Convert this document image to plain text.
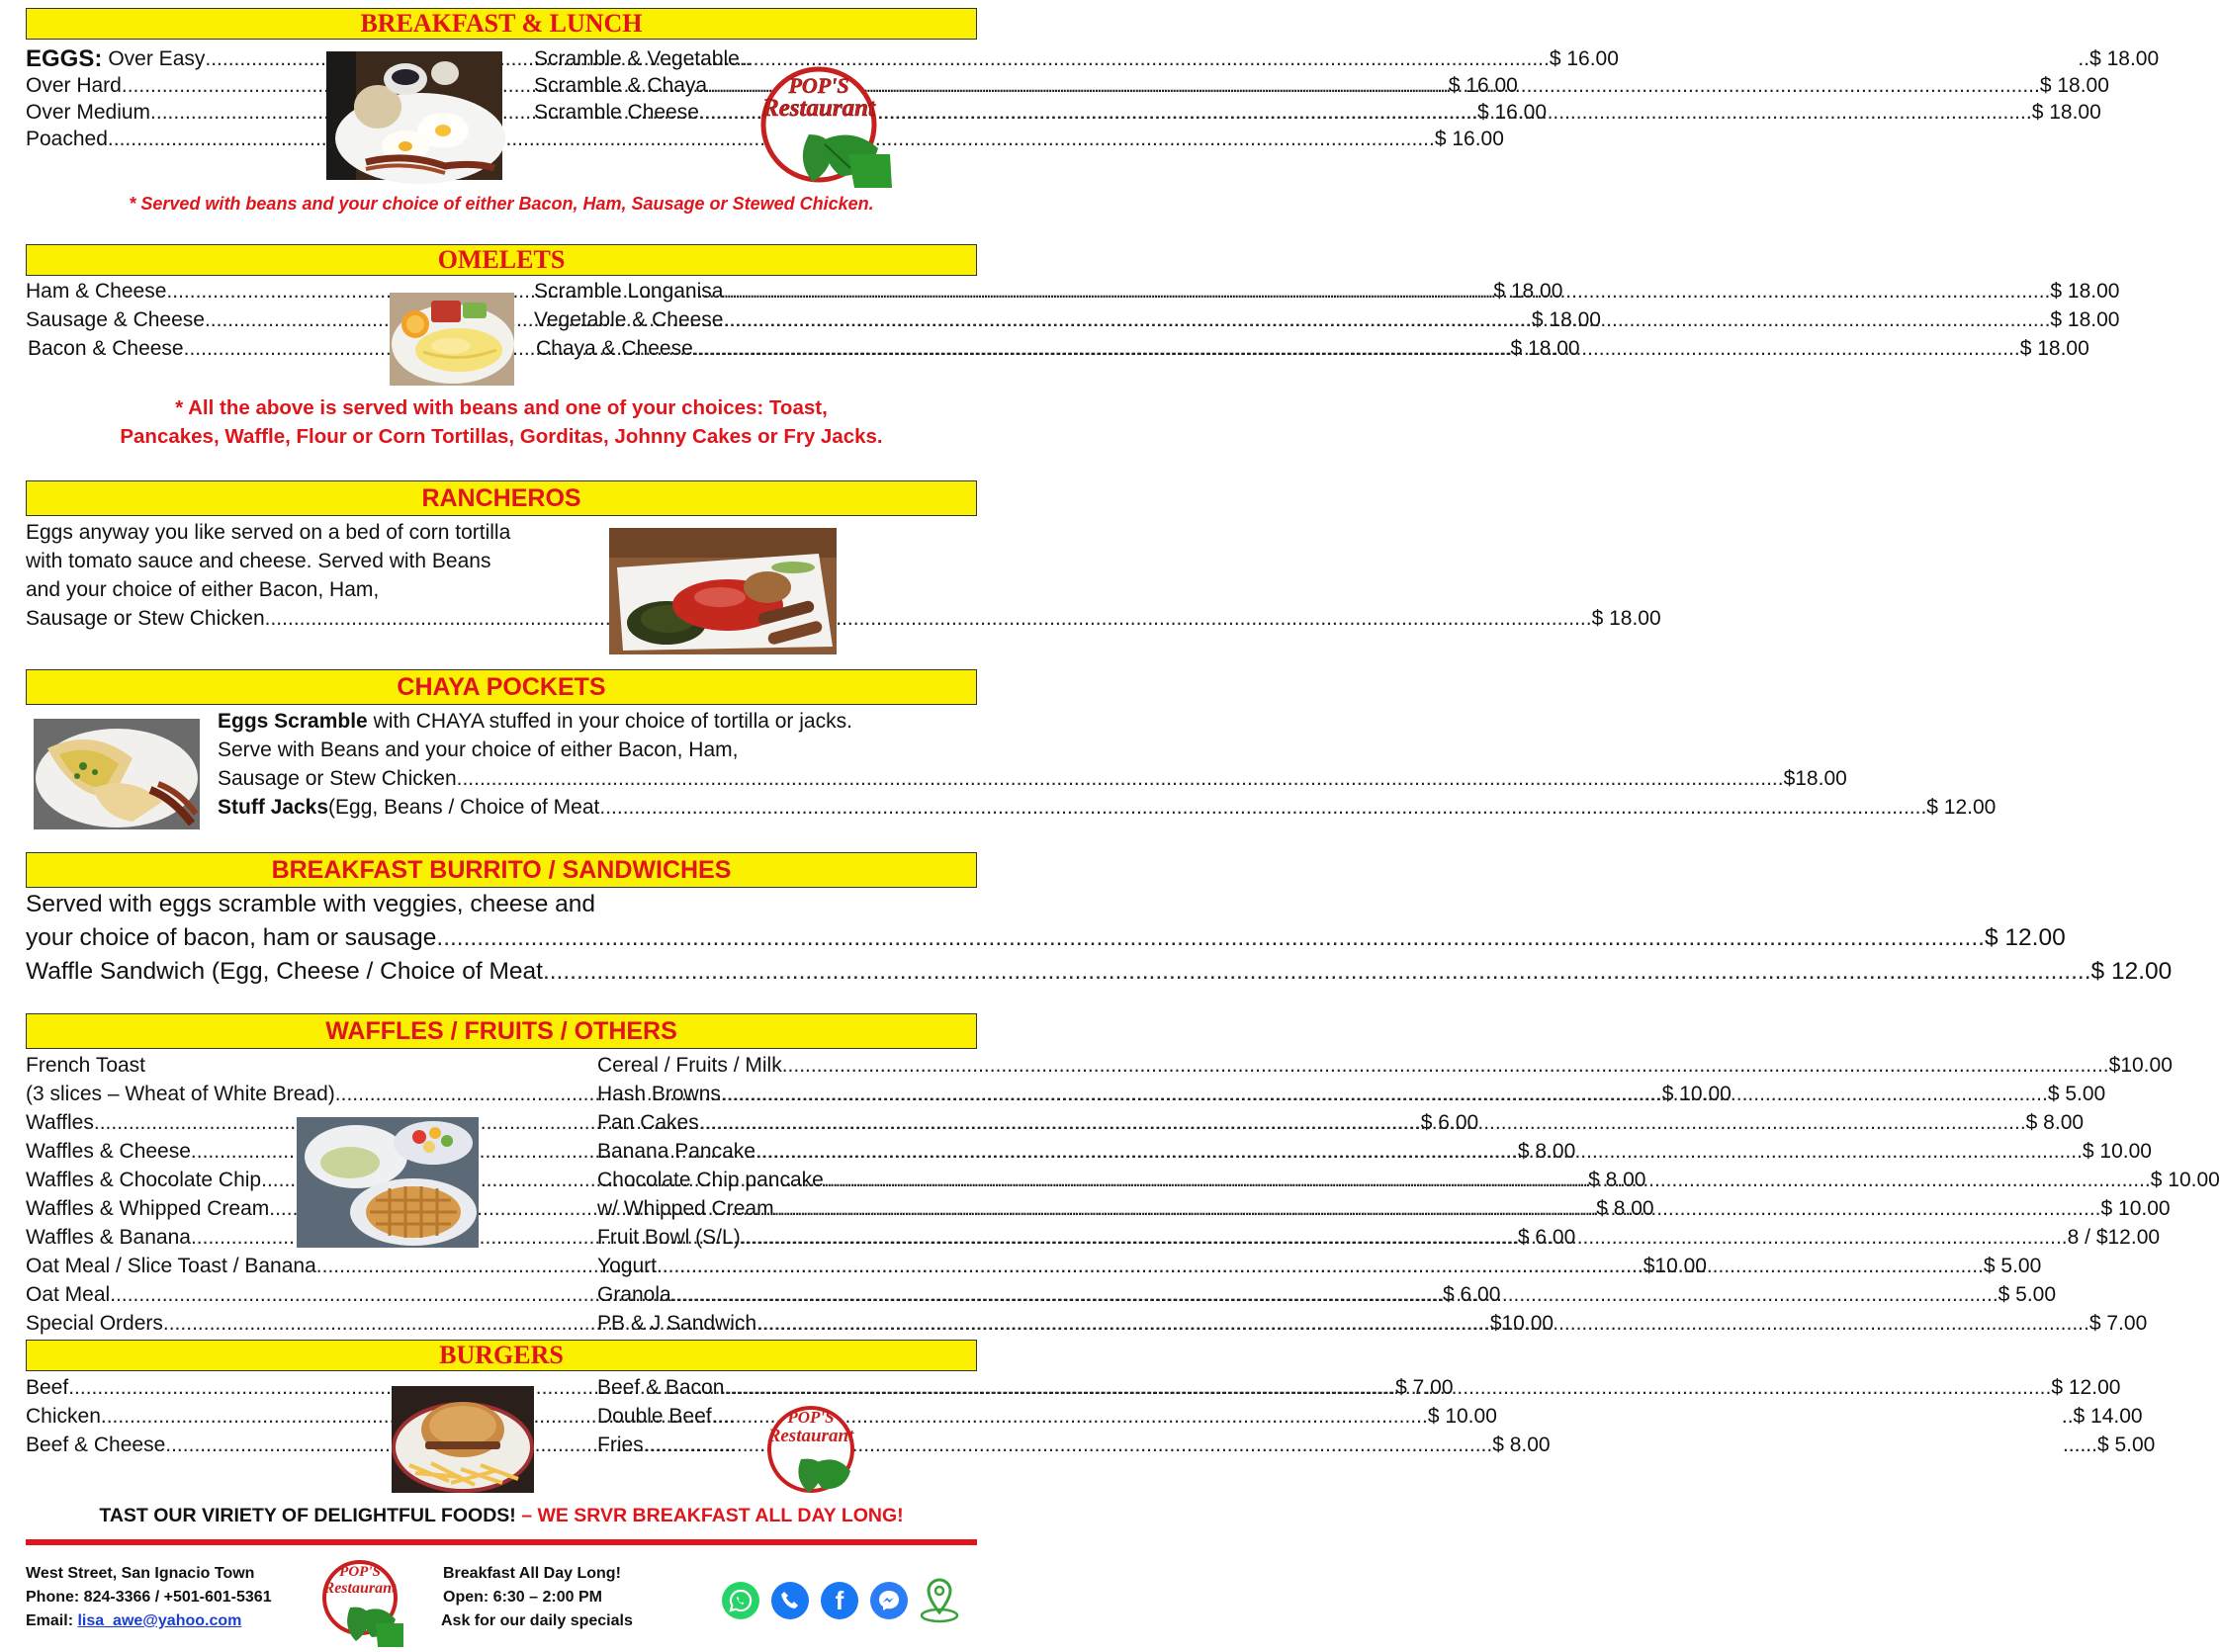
BREAKFAST & LUNCH
EGGS: Over Easy ... .....	$ 16.00
Over Hard .....	$ 16.00
Over Medium .....	$ 16.00
Poached .....	$ 16.00
Scramble & Vegetable..	..$ 18.00
Scramble & Chaya .....	.$ 18.00
Scramble Cheese .....	.$ 18.00
POP'S
Restaurant
* Served with beans and your choice of either Bacon, Ham, Sausage or Stewed Chicken.
OMELETS
Ham & Cheese .....	$ 18.00
Sausage & Cheese .....	$ 18.00
Bacon & Cheese .....	$ 18.00
Scramble Longanisa .....	$ 18.00
Vegetable & Cheese .....	$ 18.00
Chaya & Cheese .....	$ 18.00
* All the above is served with beans and one of your choices: Toast,
Pancakes, Waffle, Flour or Corn Tortillas, Gorditas, Johnny Cakes or Fry Jacks.
RANCHEROS
Eggs anyway you like served on a bed of corn tortilla
with tomato sauce and cheese. Served with Beans
and your choice of either Bacon, Ham,
Sausage or Stew Chicken .....	$ 18.00
CHAYA POCKETS
Eggs Scramble with CHAYA stuffed in your choice of tortilla or jacks.
Serve with Beans and your choice of either Bacon, Ham,
Sausage or Stew Chicken .....	$18.00
Stuff Jacks (Egg, Beans / Choice of Meat .....	$ 12.00
BREAKFAST BURRITO / SANDWICHES
Served with eggs scramble with veggies, cheese and
your choice of bacon, ham or sausage .....	$ 12.00
Waffle Sandwich (Egg, Cheese / Choice of Meat .....	$ 12.00
WAFFLES / FRUITS / OTHERS
French Toast
(3 slices – Wheat of White Bread) .....	$ 10.00
Waffles .....	$ 6.00
Waffles & Cheese .....	$ 8.00
Waffles & Chocolate Chip .....	$ 8.00
Waffles & Whipped Cream .....	$ 8.00
Waffles & Banana .....	$ 6.00
Oat Meal / Slice Toast / Banana .....	$10.00
Oat Meal. .....	$ 6.00
Special Orders .....	$10.00
Cereal / Fruits / Milk .....	$10.00
Hash Browns .....	$ 5.00
Pan Cakes .....	$ 8.00
Banana Pancake .....	$ 10.00
Chocolate Chip pancake .....	$ 10.00
w/ Whipped Cream .....	$ 10.00
Fruit Bowl (S/L) .....	8 / $12.00
Yogurt .....	$ 5.00
Granola .....	$ 5.00
PB & J Sandwich. .....	$ 7.00
BURGERS
Beef .....	$ 7.00
Chicken .....	$ 10.00
Beef & Cheese .....	$ 8.00
Beef & Bacon .....	$ 12.00
Double Beef ....	..$ 14.00
Fries ................	......$ 5.00
POP'S
Restaurant
TAST OUR VIRIETY OF DELIGHTFUL FOODS! – WE SRVR BREAKFAST ALL DAY LONG!
West Street, San Ignacio Town
Phone: 824-3366 / +501-601-5361
Email: lisa_awe@yahoo.com
POP'S
Restaurant
Breakfast All Day Long!
Open: 6:30 – 2:00 PM
Ask for our daily specials
f
